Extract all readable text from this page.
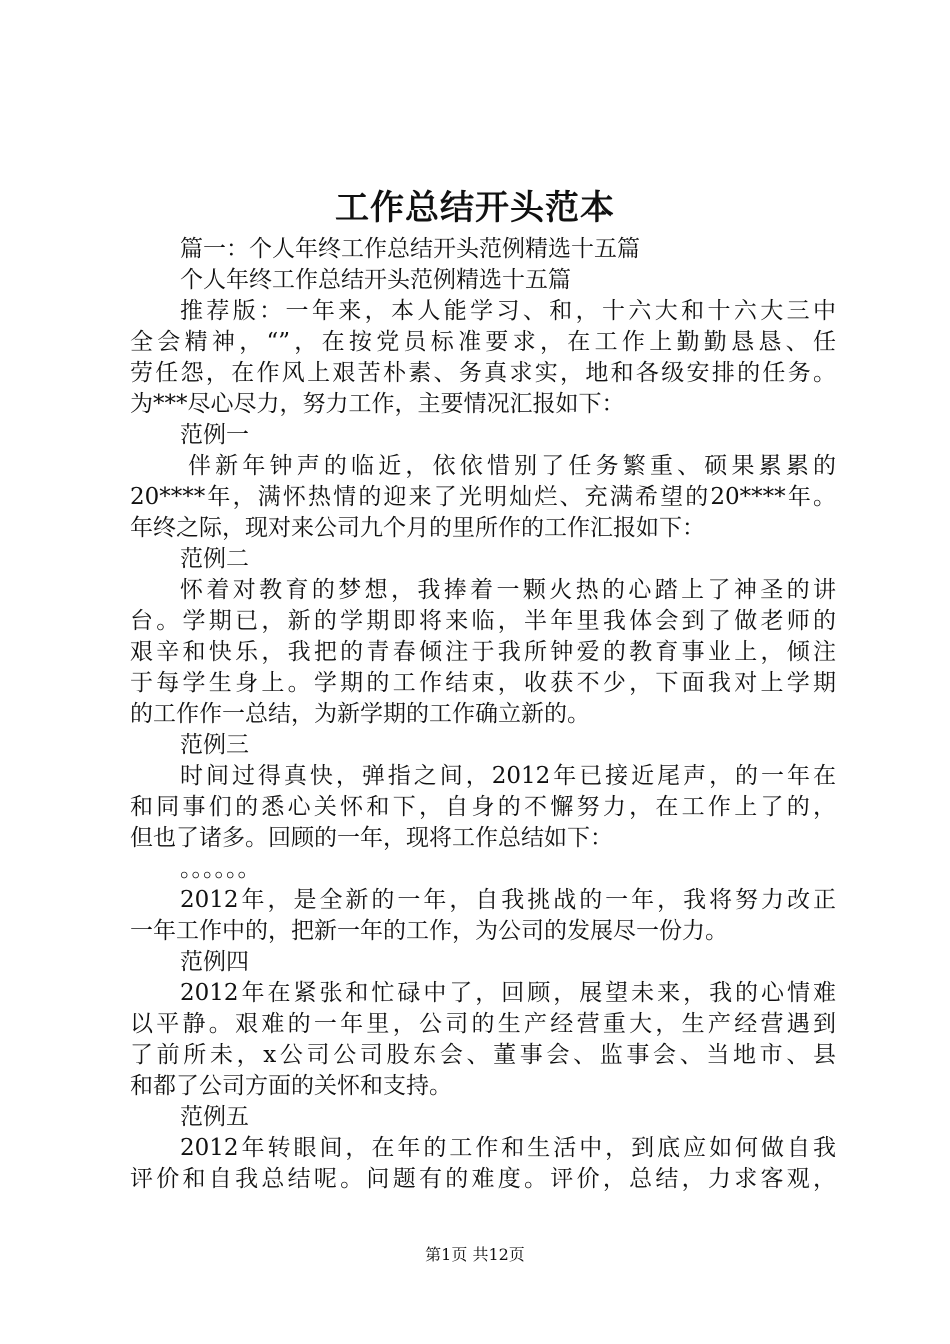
工作总结开头范本
篇一：个人年终工作总结开头范例精选十五篇
个人年终工作总结开头范例精选十五篇
推荐版：一年来，本人能学习、和，十六大和十六大三中
全会精神，“”，在按党员标准要求，在工作上勤勤恳恳、任
劳任怨，在作风上艰苦朴素、务真求实，地和各级安排的任务。
为***尽心尽力，努力工作，主要情况汇报如下：
范例一
伴新年钟声的临近，依依惜别了任务繁重、硕果累累的
20****年，满怀热情的迎来了光明灿烂、充满希望的20****年。
年终之际，现对来公司九个月的里所作的工作汇报如下：
范例二
怀着对教育的梦想，我捧着一颗火热的心踏上了神圣的讲
台。学期已，新的学期即将来临，半年里我体会到了做老师的
艰辛和快乐，我把的青春倾注于我所钟爱的教育事业上，倾注
于每学生身上。学期的工作结束，收获不少，下面我对上学期
的工作作一总结，为新学期的工作确立新的。
范例三
时间过得真快，弹指之间，2012年已接近尾声，的一年在
和同事们的悉心关怀和下，自身的不懈努力，在工作上了的，
但也了诸多。回顾的一年，现将工作总结如下：
。。。。。。
2012年，是全新的一年，自我挑战的一年，我将努力改正
一年工作中的，把新一年的工作，为公司的发展尽一份力。
范例四
2012年在紧张和忙碌中了，回顾，展望未来，我的心情难
以平静。艰难的一年里，公司的生产经营重大，生产经营遇到
了前所未，x公司公司股东会、董事会、监事会、当地市、县
和都了公司方面的关怀和支持。
范例五
2012年转眼间，在年的工作和生活中，到底应如何做自我
评价和自我总结呢。问题有的难度。评价，总结，力求客观，
第1页 共12页
